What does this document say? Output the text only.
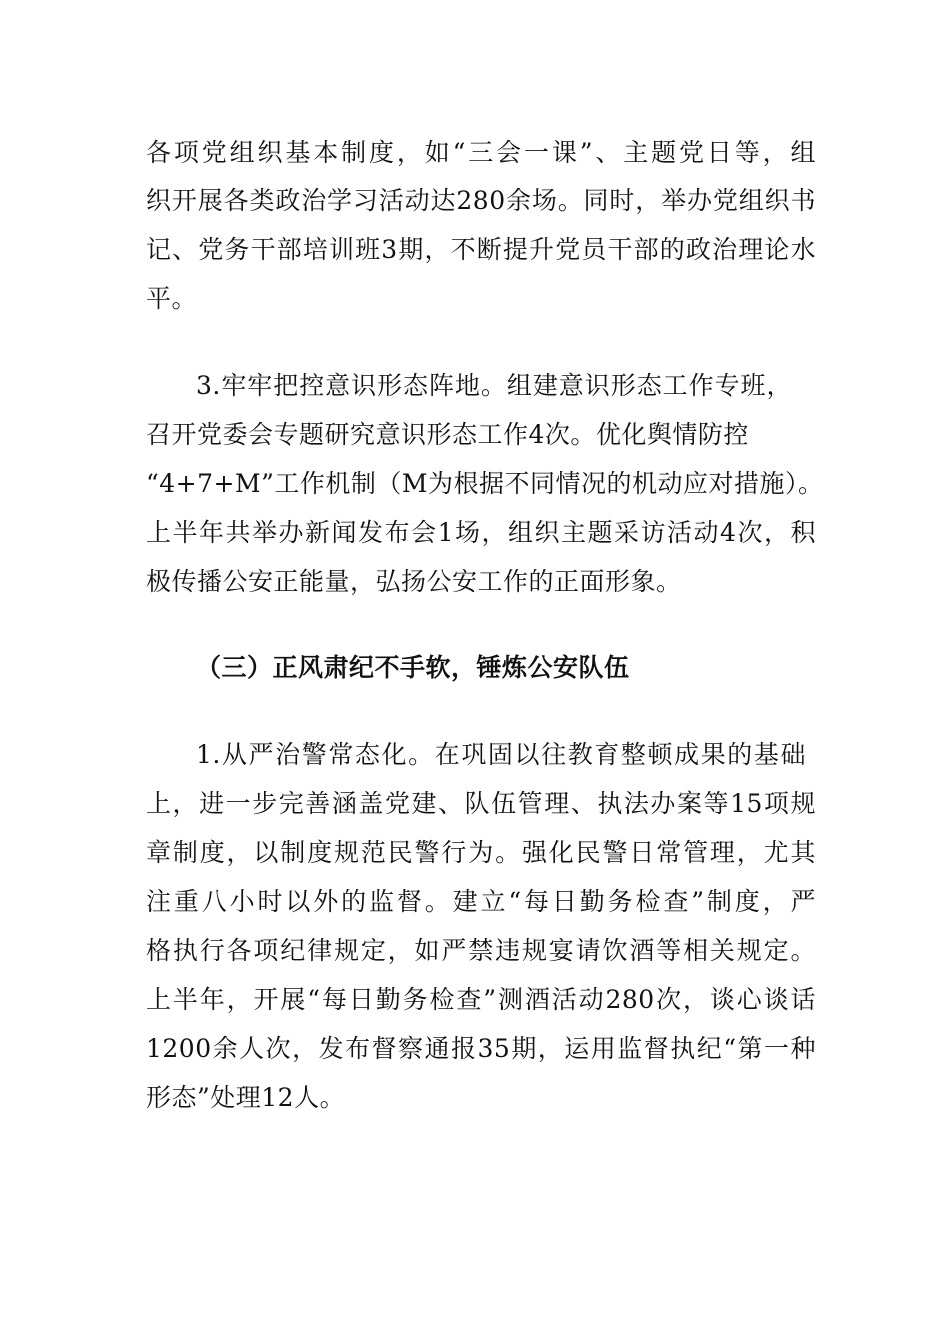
各项党组织基本制度，如“三会一课”、主题党日等，组
织开展各类政治学习活动达280余场。同时，举办党组织书
记、党务干部培训班3期，不断提升党员干部的政治理论水
平。
3.牢牢把控意识形态阵地。组建意识形态工作专班，
召开党委会专题研究意识形态工作4次。优化舆情防控
“4+7+M”工作机制（M为根据不同情况的机动应对措施）。
上半年共举办新闻发布会1场，组织主题采访活动4次，积
极传播公安正能量，弘扬公安工作的正面形象。
（三）正风肃纪不手软，锤炼公安队伍
1.从严治警常态化。在巩固以往教育整顿成果的基础
上，进一步完善涵盖党建、队伍管理、执法办案等15项规
章制度，以制度规范民警行为。强化民警日常管理，尤其
注重八小时以外的监督。建立“每日勤务检查”制度，严
格执行各项纪律规定，如严禁违规宴请饮酒等相关规定。
上半年，开展“每日勤务检查”测酒活动280次，谈心谈话
1200余人次，发布督察通报35期，运用监督执纪“第一种
形态”处理12人。
